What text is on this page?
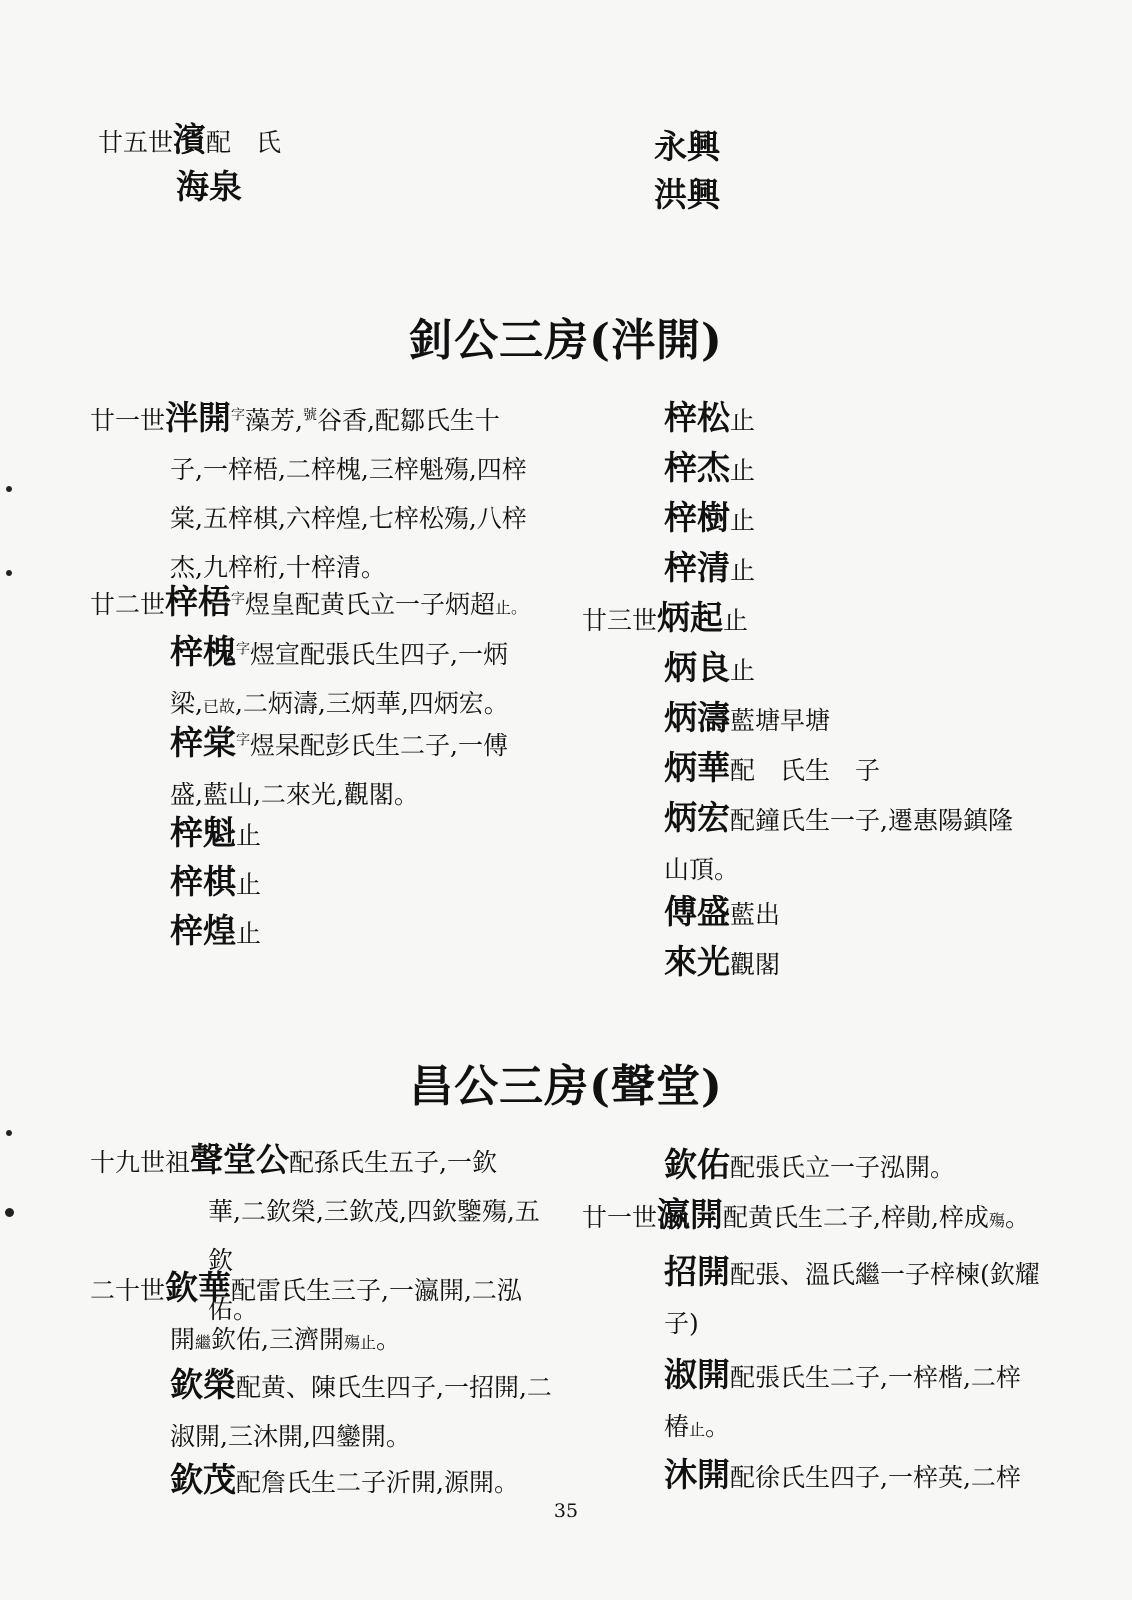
廿五世濱配　氏
海泉
永興
洪興
釗公三房(泮開)
廿一世泮開$^字$藻芳,$^號$谷香,配鄒氏生十
子,一梓梧,二梓槐,三梓魁殤,四梓
棠,五梓棋,六梓煌,七梓松殤,八梓
杰,九梓桁,十梓清。
廿二世梓梧$^字$煜皇配黄氏立一子炳超止。
梓槐$^字$煜宣配張氏生四子,一炳
梁,已故,二炳濤,三炳華,四炳宏。
梓棠$^字$煜杲配彭氏生二子,一傅
盛,藍山,二來光,觀閣。
梓魁止
梓棋止
梓煌止
梓松止
梓杰止
梓樹止
梓清止
廿三世炳起止
炳良止
炳濤藍塘早塘
炳華配　氏生　子
炳宏配鐘氏生一子,遷惠陽鎮隆
山頂。
傅盛藍出
來光觀閣
昌公三房(聲堂)
十九世祖聲堂公配孫氏生五子,一欽
華,二欽榮,三欽茂,四欽鑒殤,五欽
佑。
二十世欽華配雷氏生三子,一瀛開,二泓
開繼欽佑,三濟開殤止。
欽榮配黄、陳氏生四子,一招開,二
淑開,三沐開,四鑾開。
欽茂配詹氏生二子沂開,源開。
欽佑配張氏立一子泓開。
廿一世瀛開配黄氏生二子,梓勛,梓成殤。
招開配張、溫氏繼一子梓楝(欽耀
子)
淑開配張氏生二子,一梓楷,二梓
椿止。
沐開配徐氏生四子,一梓英,二梓
35
